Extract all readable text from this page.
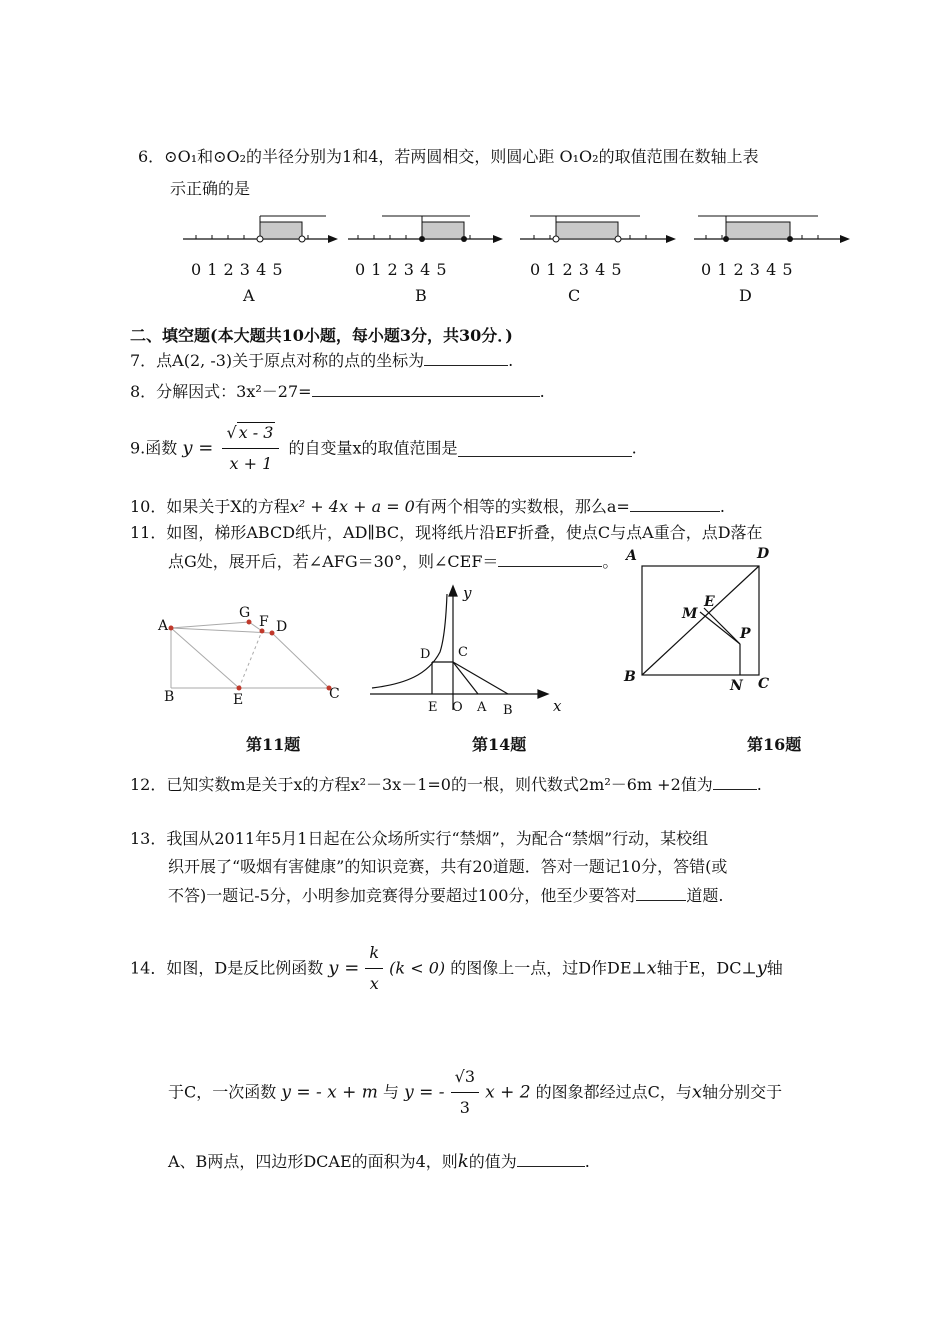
6．⊙O₁和⊙O₂的半径分别为1和4，若两圆相交，则圆心距 O₁O₂的取值范围在数轴上表
示正确的是
0 1 2 3 4 5	0 1 2 3 4 5	0 1 2 3 4 5	0 1 2 3 4 5
A	B	C	D
二、填空题(本大题共10小题，每小题3分，共30分．)
7．点A(2, -3)关于原点对称的点的坐标为	.
8．分解因式：3x²－27=	.
9.函数 $y = \frac{√ x - 3}{x + 1}$ 的自变量x的取值范围是	.
10．如果关于X的方程x² + 4x + a = 0有两个相等的实数根，那么a=	.
11．如图，梯形ABCD纸片，AD∥BC，现将纸片沿EF折叠，使点C与点A重合，点D落在
点G处，展开后，若∠AFG＝30°，则∠CEF＝	。
A
G
F D
B	E	C
第11题
y
x
D C
E O A B
第14题
A	D
E
M
P
B
N C
第16题
12．已知实数m是关于x的方程x²－3x－1=0的一根，则代数式2m²－6m +2值为	.
13．我国从2011年5月1日起在公众场所实行“禁烟”，为配合“禁烟”行动，某校组
织开展了“吸烟有害健康”的知识竞赛，共有20道题．答对一题记10分，答错(或
不答)一题记-5分，小明参加竞赛得分要超过100分，他至少要答对	道题.
14．如图，D是反比例函数 $y = \frac{k}{x} (k < 0)$ 的图像上一点，过D作DE⊥x轴于E，DC⊥y轴
于C，一次函数 y = - x + m 与 y = - $\frac{√3}{3}$ x + 2 的图象都经过点C，与x轴分别交于
A、B两点，四边形DCAE的面积为4，则k的值为	.
